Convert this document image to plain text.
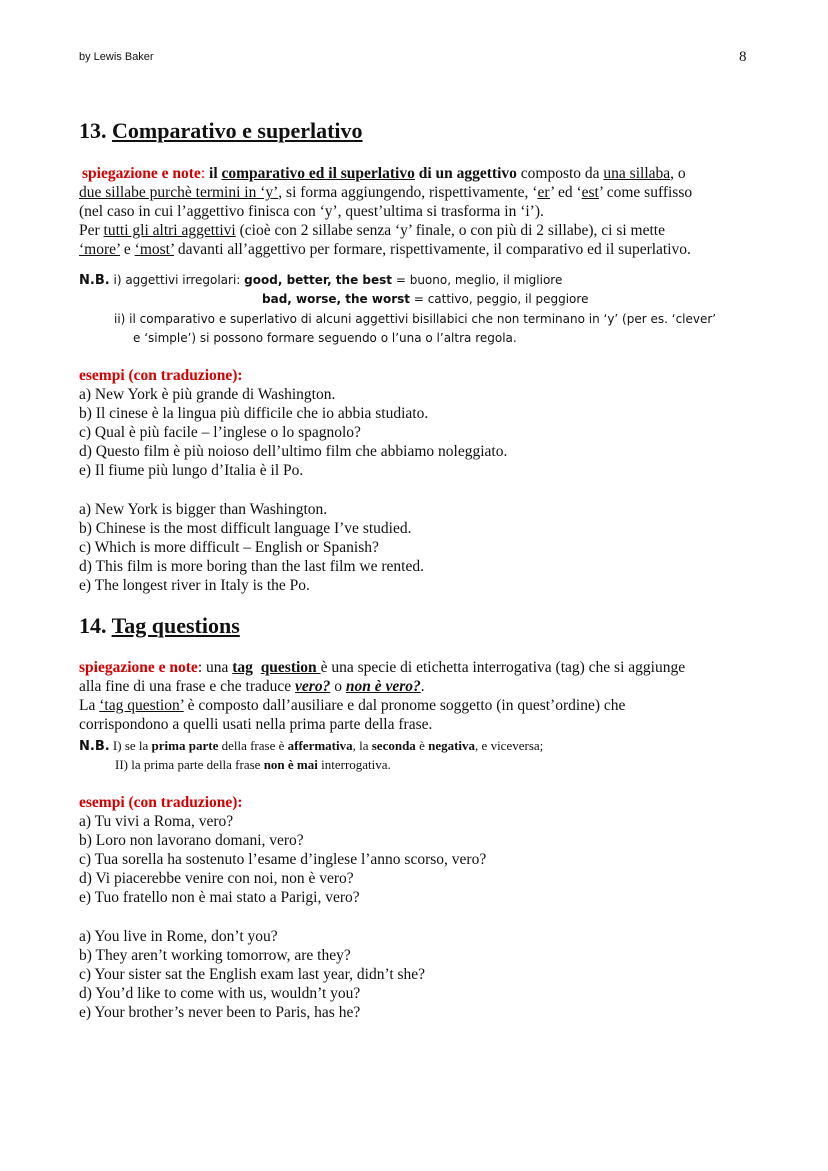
by Lewis Baker	8
13. Comparativo e superlativo
spiegazione e note: il comparativo ed il superlativo di un aggettivo composto da una sillaba, o
due sillabe purchè termini in ‘y’, si forma aggiungendo, rispettivamente, ‘er’ ed ‘est’ come suffisso
(nel caso in cui l’aggettivo finisca con ‘y’, quest’ultima si trasforma in ‘i’).
Per tutti gli altri aggettivi (cioè con 2 sillabe senza ‘y’ finale, o con più di 2 sillabe), ci si mette
‘more’ e ‘most’ davanti all’aggettivo per formare, rispettivamente, il comparativo ed il superlativo.
N.B. i) aggettivi irregolari: good, better, the best = buono, meglio, il migliore
bad, worse, the worst = cattivo, peggio, il peggiore
ii) il comparativo e superlativo di alcuni aggettivi bisillabici che non terminano in ‘y’ (per es. ‘clever’
e ‘simple’) si possono formare seguendo o l’una o l’altra regola.
esempi (con traduzione):
a) New York è più grande di Washington.
b) Il cinese è la lingua più difficile che io abbia studiato.
c) Qual è più facile – l’inglese o lo spagnolo?
d) Questo film è più noioso dell’ultimo film che abbiamo noleggiato.
e) Il fiume più lungo d’Italia è il Po.
a) New York is bigger than Washington.
b) Chinese is the most difficult language I’ve studied.
c) Which is more difficult – English or Spanish?
d) This film is more boring than the last film we rented.
e) The longest river in Italy is the Po.
14. Tag questions
spiegazione e note: una tag question è una specie di etichetta interrogativa (tag) che si aggiunge
alla fine di una frase e che traduce vero? o non è vero?.
La ‘tag question’ è composto dall’ausiliare e dal pronome soggetto (in quest’ordine) che
corrispondono a quelli usati nella prima parte della frase.
N.B. I) se la prima parte della frase è affermativa, la seconda è negativa, e viceversa;
II) la prima parte della frase non è mai interrogativa.
esempi (con traduzione):
a) Tu vivi a Roma, vero?
b) Loro non lavorano domani, vero?
c) Tua sorella ha sostenuto l’esame d’inglese l’anno scorso, vero?
d) Vi piacerebbe venire con noi, non è vero?
e) Tuo fratello non è mai stato a Parigi, vero?
a) You live in Rome, don’t you?
b) They aren’t working tomorrow, are they?
c) Your sister sat the English exam last year, didn’t she?
d) You’d like to come with us, wouldn’t you?
e) Your brother’s never been to Paris, has he?
